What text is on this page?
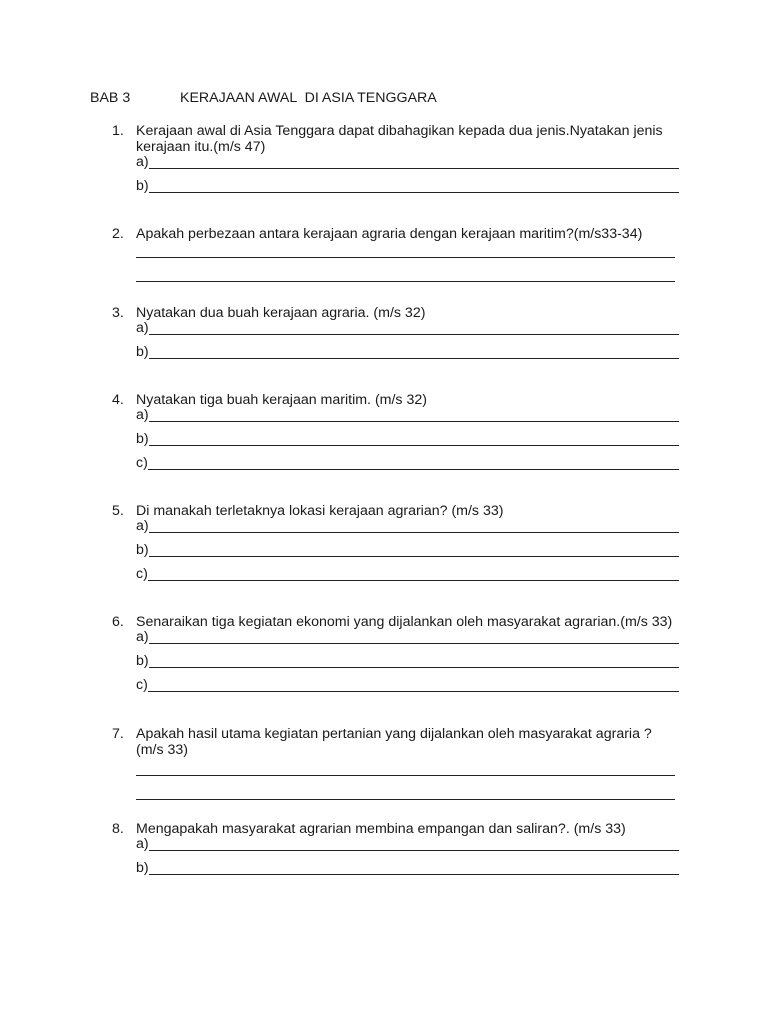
BAB 3	KERAJAAN AWAL  DI ASIA TENGGARA
1. Kerajaan awal di Asia Tenggara dapat dibahagikan kepada dua jenis.Nyatakan jenis kerajaan itu.(m/s 47)
a)
b)
2. Apakah perbezaan antara kerajaan agraria dengan kerajaan maritim?(m/s33-34)
3. Nyatakan dua buah kerajaan agraria. (m/s 32)
a)
b)
4. Nyatakan tiga buah kerajaan maritim. (m/s 32)
a)
b)
c)
5. Di manakah terletaknya lokasi kerajaan agrarian? (m/s 33)
a)
b)
c)
6. Senaraikan tiga kegiatan ekonomi yang dijalankan oleh masyarakat agrarian.(m/s 33)
a)
b)
c)
7. Apakah hasil utama kegiatan pertanian yang dijalankan oleh masyarakat agraria ? (m/s 33)
8. Mengapakah masyarakat agrarian membina empangan dan saliran?. (m/s 33)
a)
b)
